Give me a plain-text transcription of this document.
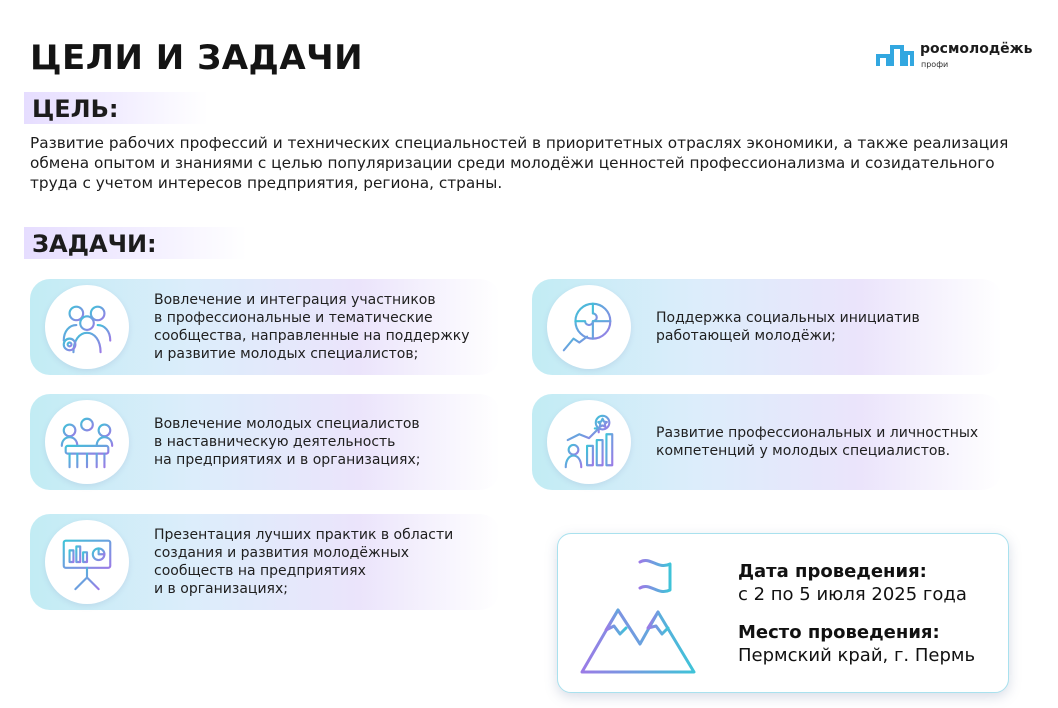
ЦЕЛИ И ЗАДАЧИ	росмолодёжь
профи
ЦЕЛЬ:
Развитие рабочих профессий и технических специальностей в приоритетных отраслях экономики, а также реализация обмена опытом и знаниями с целью популяризации среди молодёжи ценностей профессионализма и созидательного труда с учетом интересов предприятия, региона, страны.
ЗАДАЧИ:
Вовлечение и интеграция участников
в профессиональные и тематические
сообщества, направленные на поддержку
и развитие молодых специалистов;
Поддержка социальных инициатив
работающей молодёжи;
Вовлечение молодых специалистов
в наставническую деятельность
на предприятиях и в организациях;
Развитие профессиональных и личностных
компетенций у молодых специалистов.
Презентация лучших практик в области
создания и развития молодёжных
сообществ на предприятиях
и в организациях;
Дата проведения:
с 2 по 5 июля 2025 года
Место проведения:
Пермский край, г. Пермь
